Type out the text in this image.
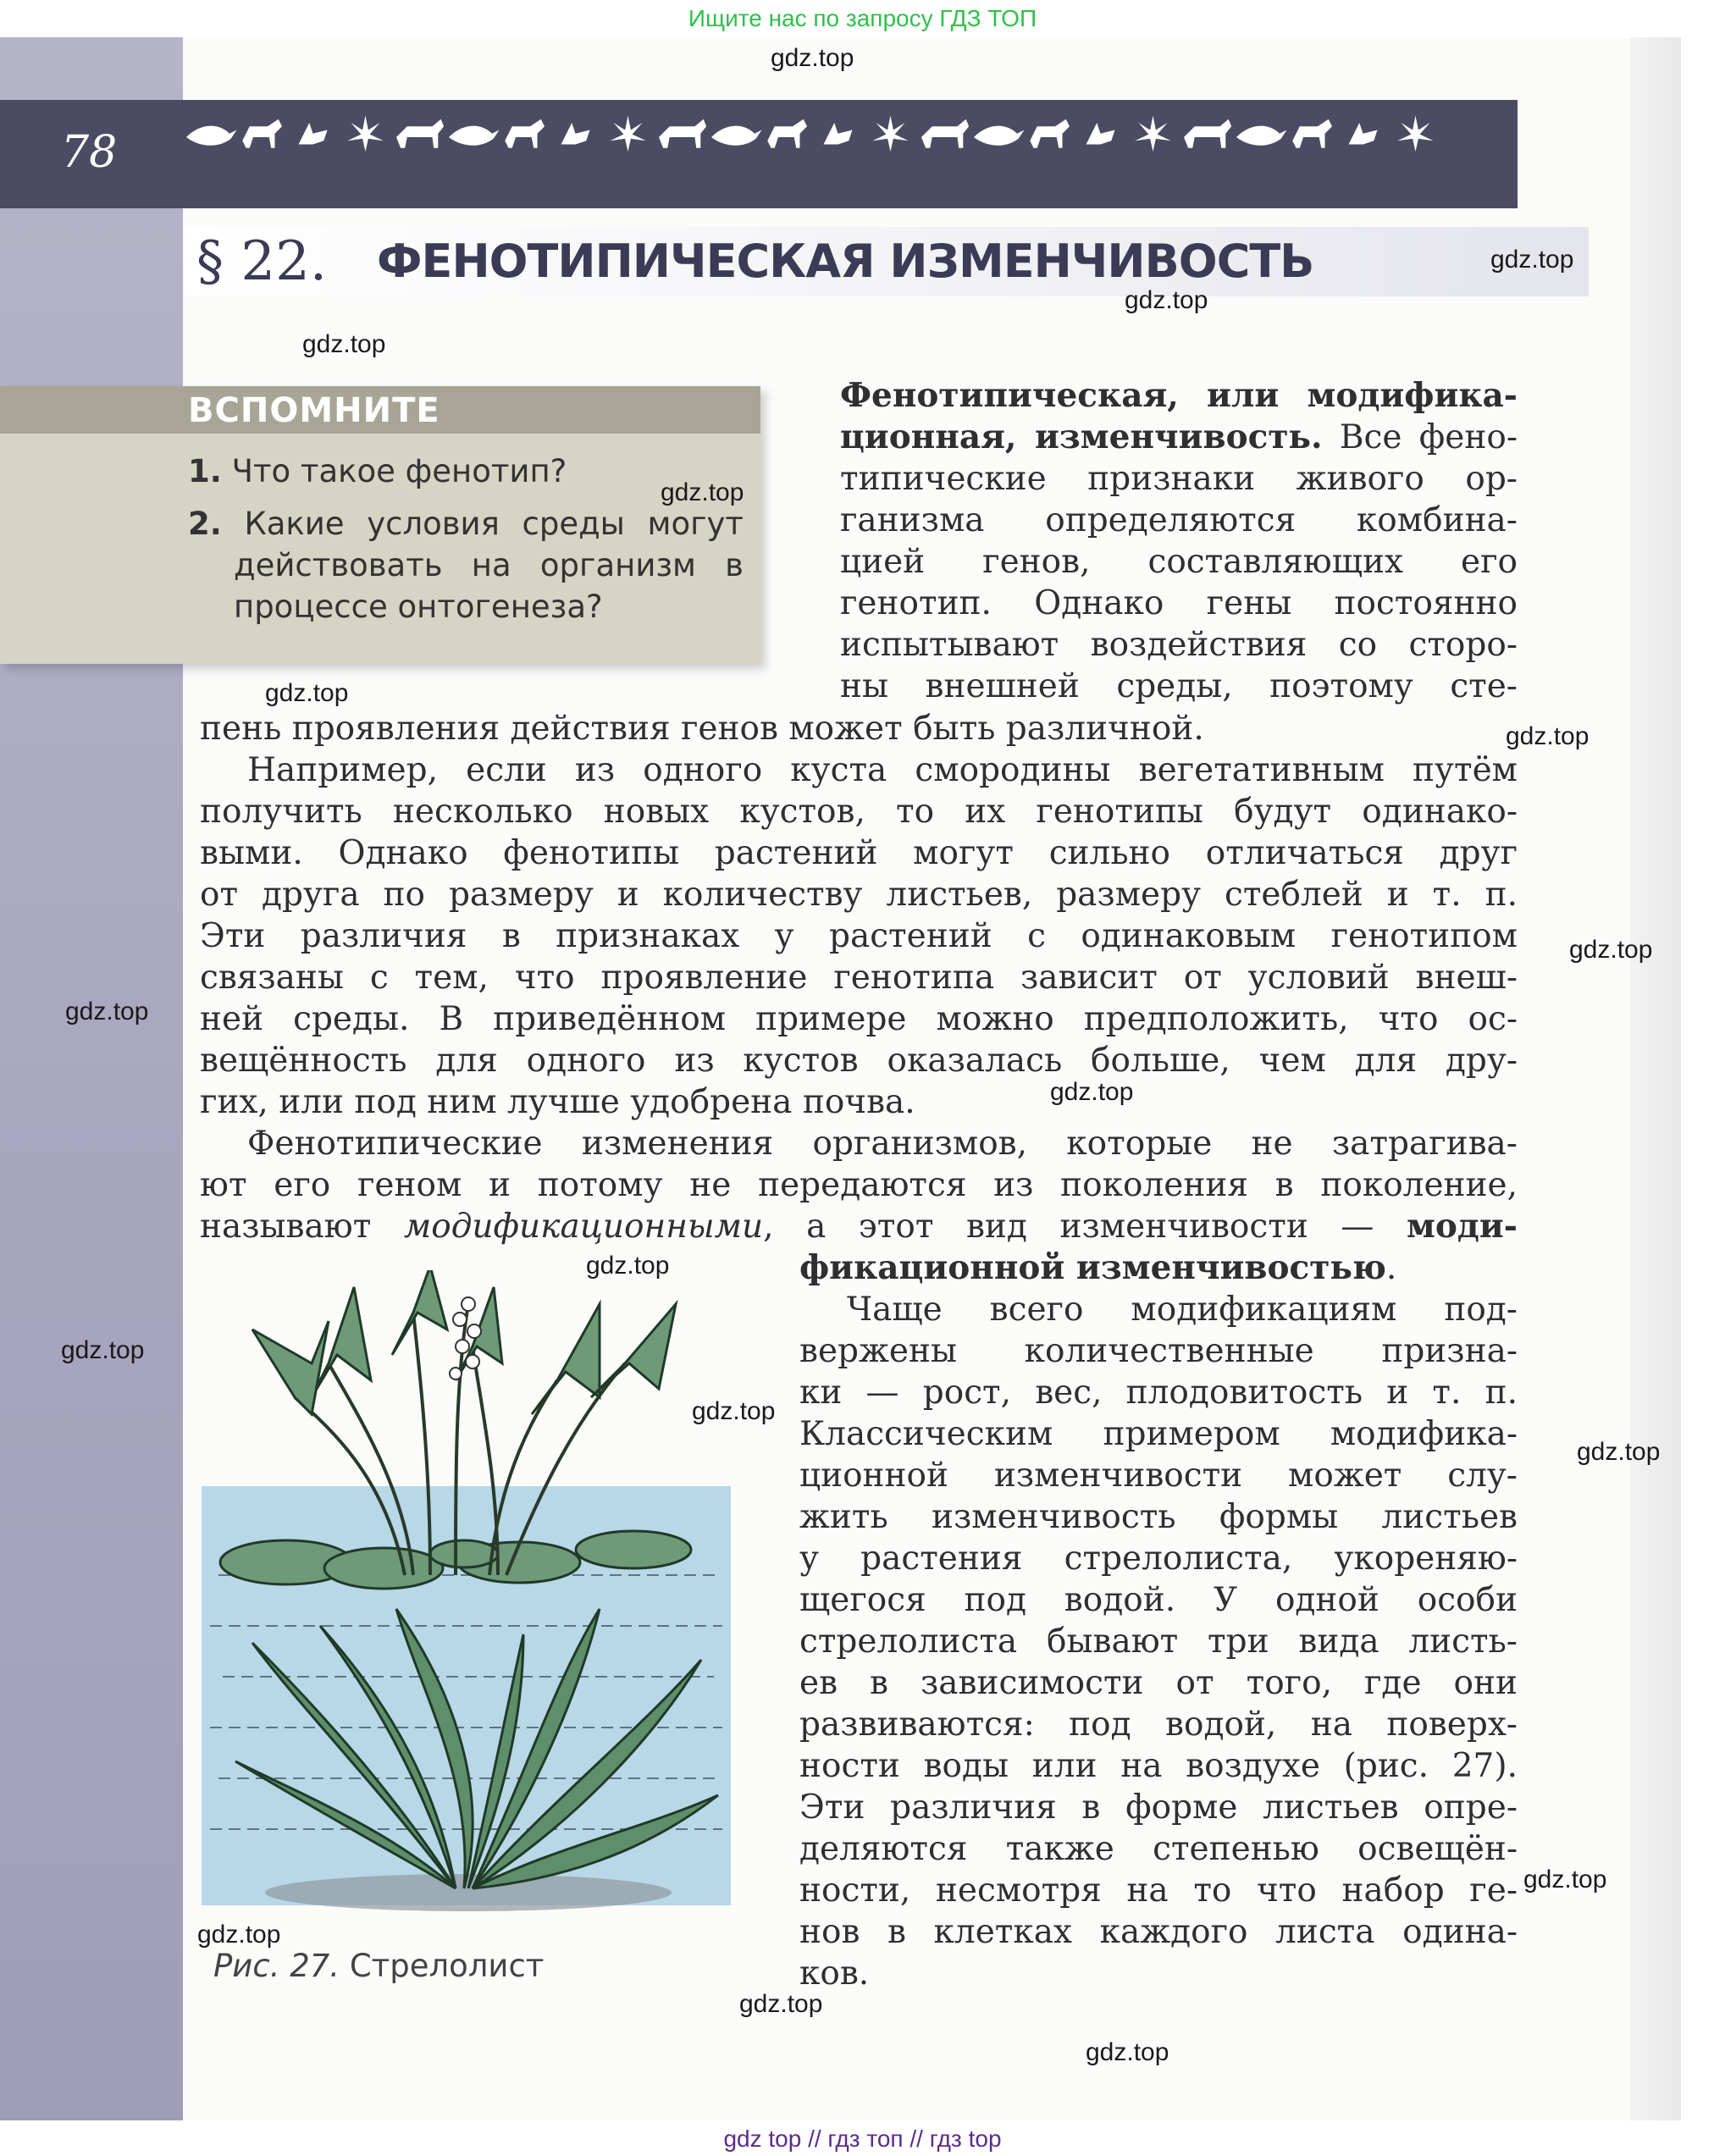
Ищите нас по запросу ГДЗ ТОП
78
§ 22. ФЕНОТИПИЧЕСКАЯ ИЗМЕНЧИВОСТЬ
ВСПОМНИТЕ
1. Что такое фенотип?
2. Какие условия среды могут
действовать на организм в
процессе онтогенеза?
Фенотипическая, или модифика-
ционная, изменчивость. Все фено-
типические признаки живого ор-
ганизма определяются комбина-
цией генов, составляющих его
генотип. Однако гены постоянно
испытывают воздействия со сторо-
ны внешней среды, поэтому сте-
пень проявления действия генов может быть различной.
Например, если из одного куста смородины вегетативным путём
получить несколько новых кустов, то их генотипы будут одинако-
выми. Однако фенотипы растений могут сильно отличаться друг
от друга по размеру и количеству листьев, размеру стеблей и т. п.
Эти различия в признаках у растений с одинаковым генотипом
связаны с тем, что проявление генотипа зависит от условий внеш-
ней среды. В приведённом примере можно предположить, что ос-
вещённость для одного из кустов оказалась больше, чем для дру-
гих, или под ним лучше удобрена почва.
Фенотипические изменения организмов, которые не затрагива-
ют его геном и потому не передаются из поколения в поколение,
называют модификационными, а этот вид изменчивости — моди-
фикационной изменчивостью.
Чаще всего модификациям под-
вержены количественные призна-
ки — рост, вес, плодовитость и т. п.
Классическим примером модифика-
ционной изменчивости может слу-
жить изменчивость формы листьев
у растения стрелолиста, укореняю-
щегося под водой. У одной особи
стрелолиста бывают три вида листь-
ев в зависимости от того, где они
развиваются: под водой, на поверх-
ности воды или на воздухе (рис. 27).
Эти различия в форме листьев опре-
деляются также степенью освещён-
ности, несмотря на то что набор ге-
нов в клетках каждого листа одина-
ков.
Рис. 27. Стрелолист
gdz.top
gdz.top
gdz.top
gdz.top
gdz.top
gdz.top
gdz.top
gdz.top
gdz.top
gdz.top
gdz.top
gdz.top
gdz.top
gdz.top
gdz.top
gdz.top
gdz.top
gdz.top
gdz top // гдз топ // гдз top
